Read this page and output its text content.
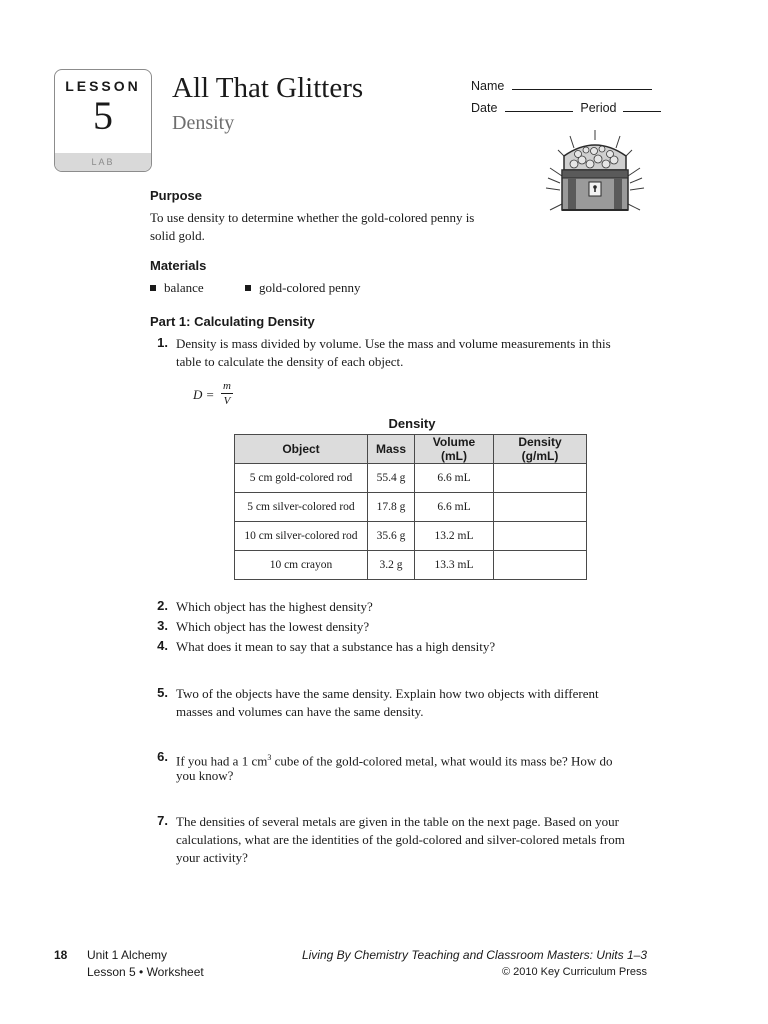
LESSON
5
LAB
All That Glitters
Density
Name
Date	Period
Purpose
To use density to determine whether the gold-colored penny is
solid gold.
Materials
balance	gold-colored penny
Part 1: Calculating Density
1. Density is mass divided by volume. Use the mass and volume measurements in this
table to calculate the density of each object.
D =
m
V
Density
Object	Mass	Volume (mL)	Density (g/mL)
5 cm gold-colored rod	55.4 g	6.6 mL	
5 cm silver-colored rod	17.8 g	6.6 mL	
10 cm silver-colored rod	35.6 g	13.2 mL	
10 cm crayon	3.2 g	13.3 mL	
2. Which object has the highest density?
3. Which object has the lowest density?
4. What does it mean to say that a substance has a high density?
5. Two of the objects have the same density. Explain how two objects with different
masses and volumes can have the same density.
6. If you had a 1 $cm^3$ cube of the gold-colored metal, what would its mass be? How do
you know?
7. The densities of several metals are given in the table on the next page. Based on your
calculations, what are the identities of the gold-colored and silver-colored metals from
your activity?
18 Unit 1 Alchemy
Lesson 5 • Worksheet
Living By Chemistry Teaching and Classroom Masters: Units 1–3
© 2010 Key Curriculum Press
